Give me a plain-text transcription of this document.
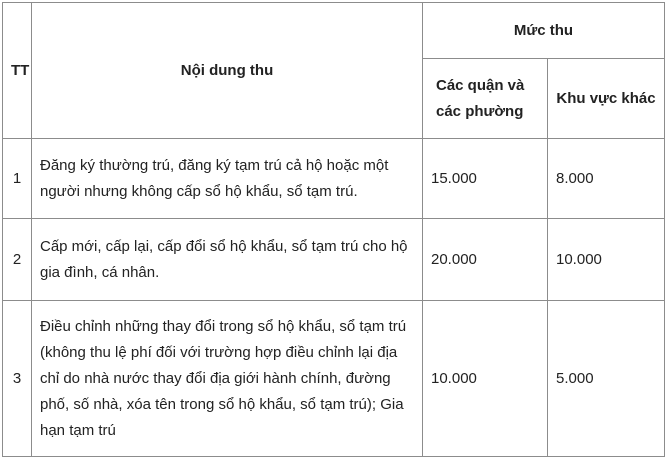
TT	Nội dung thu	Mức thu	
		Các quận và các phường	Khu vực khác
1	Đăng ký thường trú, đăng ký tạm trú cả hộ hoặc một người nhưng không cấp sổ hộ khẩu, sổ tạm trú.	15.000	8.000
2	Cấp mới, cấp lại, cấp đổi sổ hộ khẩu, sổ tạm trú cho hộ gia đình, cá nhân.	20.000	10.000
3	Điều chỉnh những thay đổi trong sổ hộ khẩu, sổ tạm trú (không thu lệ phí đối với trường hợp điều chỉnh lại địa chỉ do nhà nước thay đổi địa giới hành chính, đường phố, số nhà, xóa tên trong sổ hộ khẩu, sổ tạm trú); Gia hạn tạm trú	10.000	5.000
